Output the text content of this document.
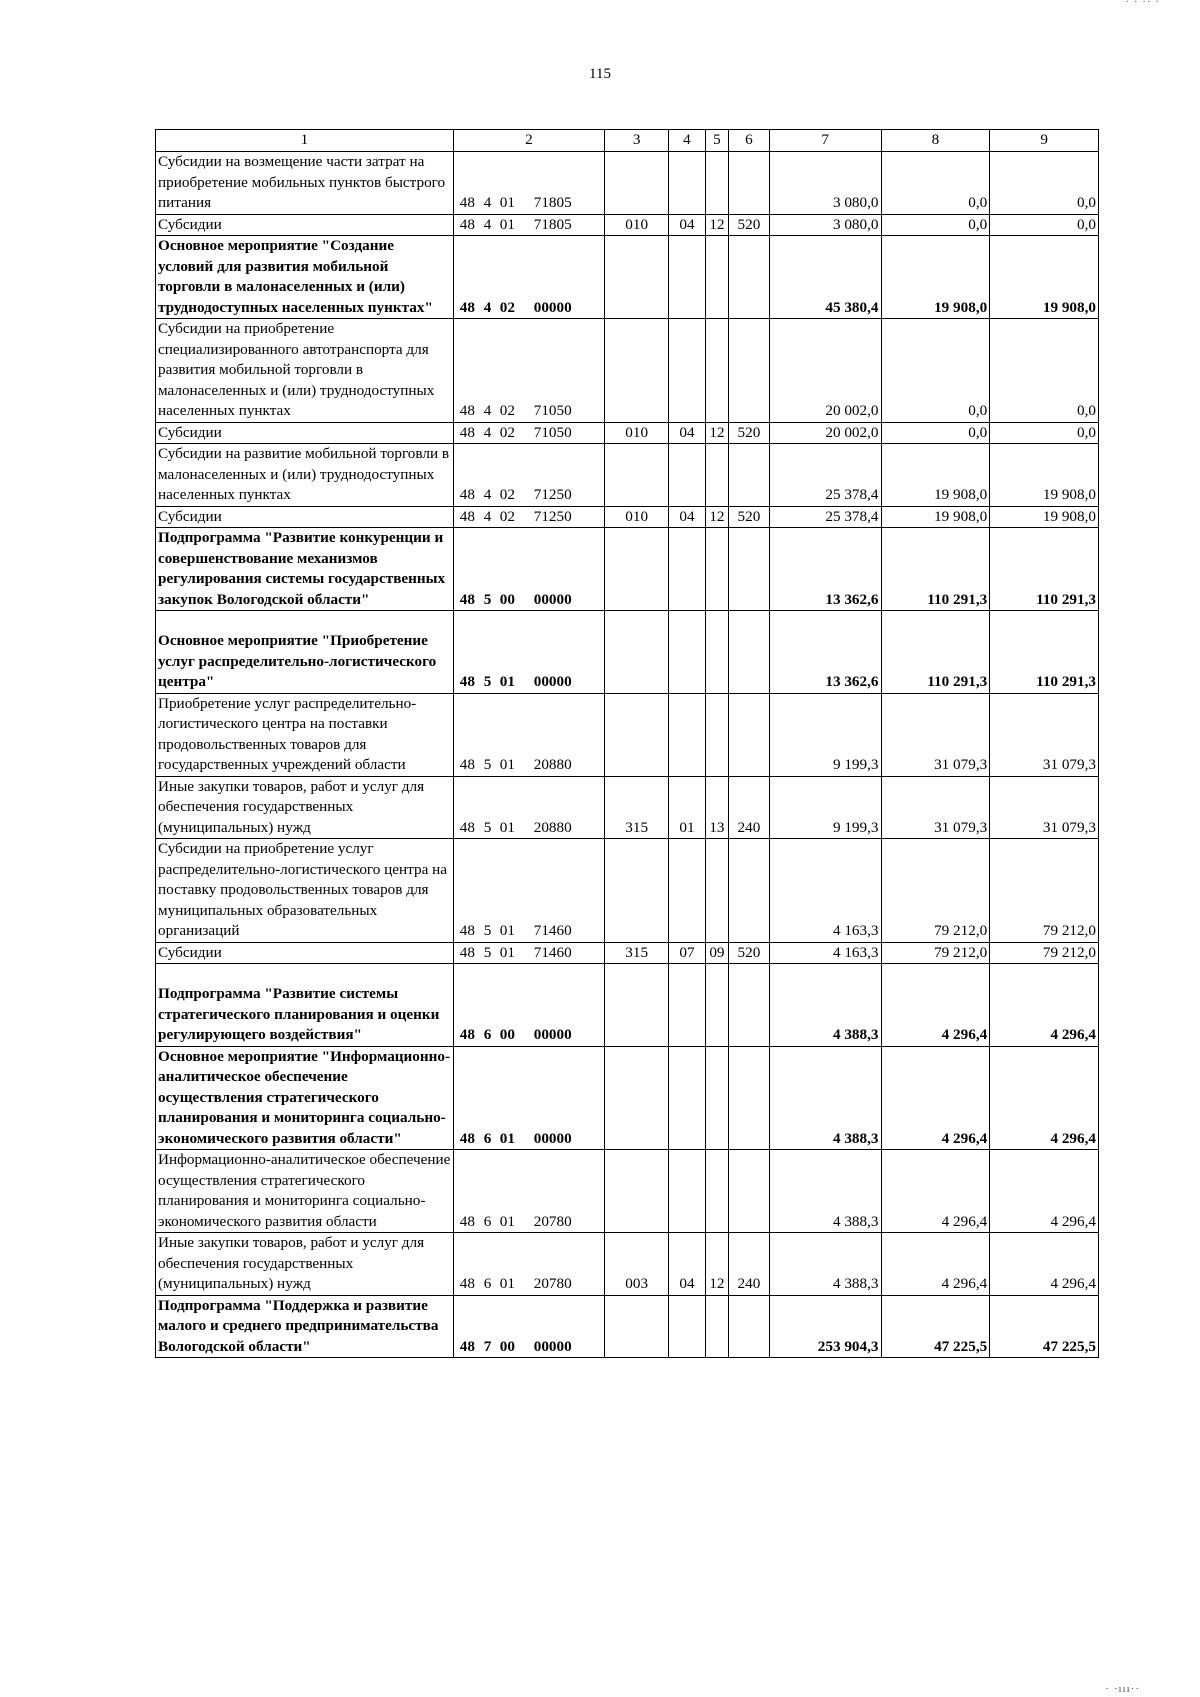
· · ·· ·
115
1	2	3	4	5	6	7	8	9
Субсидии на возмещение части затрат на приобретение мобильных пунктов быстрого питания	48 4 01 71805					3 080,0	0,0	0,0
Субсидии	48 4 01 71805	010	04	12	520	3 080,0	0,0	0,0
Основное мероприятие "Создание условий для развития мобильной торговли в малонаселенных и (или) труднодоступных населенных пунктах"	48 4 02 00000					45 380,4	19 908,0	19 908,0
Субсидии на приобретение специализированного автотранспорта для развития мобильной торговли в малонаселенных и (или) труднодоступных населенных пунктах	48 4 02 71050					20 002,0	0,0	0,0
Субсидии	48 4 02 71050	010	04	12	520	20 002,0	0,0	0,0
Субсидии на развитие мобильной торговли в малонаселенных и (или) труднодоступных населенных пунктах	48 4 02 71250					25 378,4	19 908,0	19 908,0
Субсидии	48 4 02 71250	010	04	12	520	25 378,4	19 908,0	19 908,0
Подпрограмма "Развитие конкуренции и совершенствование механизмов регулирования системы государственных закупок Вологодской области"	48 5 00 00000					13 362,6	110 291,3	110 291,3
Основное мероприятие "Приобретение услуг распределительно-логистического центра"	48 5 01 00000					13 362,6	110 291,3	110 291,3
Приобретение услуг распределительно-логистического центра на поставки продовольственных товаров для государственных учреждений области	48 5 01 20880					9 199,3	31 079,3	31 079,3
Иные закупки товаров, работ и услуг для обеспечения государственных (муниципальных) нужд	48 5 01 20880	315	01	13	240	9 199,3	31 079,3	31 079,3
Субсидии на приобретение услуг распределительно-логистического центра на поставку продовольственных товаров для муниципальных образовательных организаций	48 5 01 71460					4 163,3	79 212,0	79 212,0
Субсидии	48 5 01 71460	315	07	09	520	4 163,3	79 212,0	79 212,0
Подпрограмма "Развитие системы стратегического планирования и оценки регулирующего воздействия"	48 6 00 00000					4 388,3	4 296,4	4 296,4
Основное мероприятие "Информационно-аналитическое обеспечение осуществления стратегического планирования и мониторинга социально-экономического развития области"	48 6 01 00000					4 388,3	4 296,4	4 296,4
Информационно-аналитическое обеспечение осуществления стратегического планирования и мониторинга социально-экономического развития области	48 6 01 20780					4 388,3	4 296,4	4 296,4
Иные закупки товаров, работ и услуг для обеспечения государственных (муниципальных) нужд	48 6 01 20780	003	04	12	240	4 388,3	4 296,4	4 296,4
Подпрограмма "Поддержка и развитие малого и среднего предпринимательства Вологодской области"	48 7 00 00000					253 904,3	47 225,5	47 225,5
· ·ııı··
